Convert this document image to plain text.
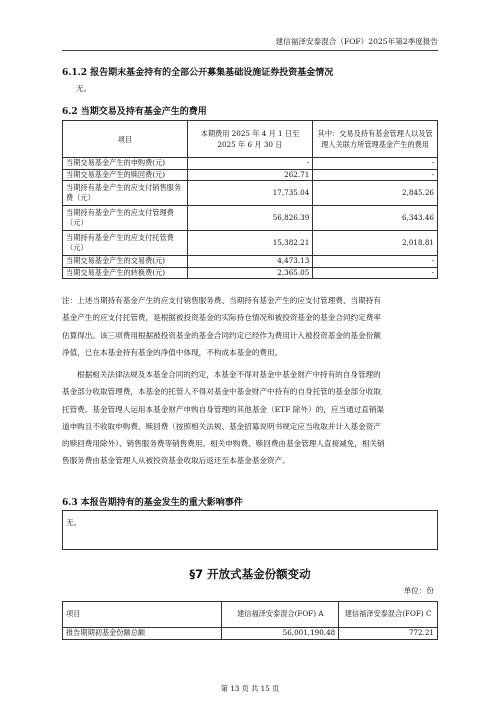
建信福泽安泰混合（FOF）2025年第2季度报告
6.1.2 报告期末基金持有的全部公开募集基础设施证券投资基金情况
无。
6.2 当期交易及持有基金产生的费用
项目	本期费用 2025 年 4 月 1 日至 2025 年 6 月 30 日	其中：交易及持有基金管理人以及管理人关联方所管理基金产生的费用
当期交易基金产生的申购费(元)	-	-
当期交易基金产生的赎回费(元)	262.71	-
当期持有基金产生的应支付销售服务费（元）	17,735.04	2,845.26
当期持有基金产生的应支付管理费（元）	56,826.39	6,343.46
当期持有基金产生的应支付托管费（元）	15,382.21	2,018.81
当期交易基金产生的交易费(元)	4,473.13	-
当期交易基金产生的转换费(元)	2,365.05	-
注：上述当期持有基金产生的应支付销售服务费、当期持有基金产生的应支付管理费、当期持有
基金产生的应支付托管费，是根据被投资基金的实际持仓情况和被投资基金的基金合同约定费率
估算得出。该三项费用根据被投资基金的基金合同约定已经作为费用计入被投资基金的基金份额
净值，已在本基金持有基金的净值中体现，不构成本基金的费用。
根据相关法律法规及本基金合同的约定，本基金不得对基金中基金财产中持有的自身管理的
基金部分收取管理费，本基金的托管人不得对基金中基金财产中持有的自身托管的基金部分收取
托管费。基金管理人运用本基金财产申购自身管理的其他基金（ETF 除外）的，应当通过直销渠
道申购且不收取申购费、赎回费（按照相关法规、基金招募说明书规定应当收取并计入基金资产
的赎回费用除外）、销售服务费等销售费用。相关申购费、赎回费由基金管理人直接减免，相关销
售服务费由基金管理人从被投资基金收取后返还至本基金基金资产。
6.3 本报告期持有的基金发生的重大影响事件
无。
§7 开放式基金份额变动
单位：份
项目	建信福泽安泰混合(FOF) A	建信福泽安泰混合(FOF) C
报告期期初基金份额总额	56,001,190.48	772.21
第 13 页 共 15 页
